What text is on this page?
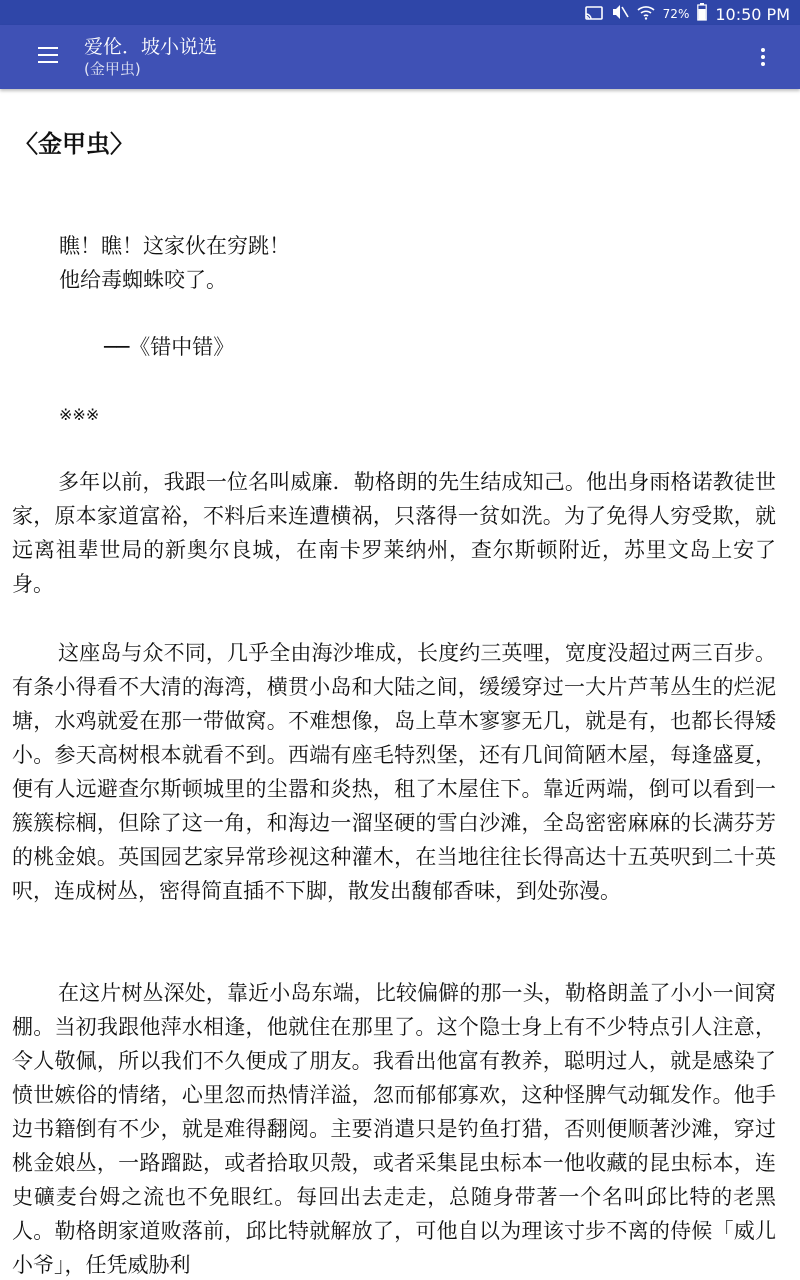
72% 10:50 PM
爱伦．坡小说选
(金甲虫)
〈金甲虫〉

瞧！瞧！这家伙在穷跳！

他给毒蜘蛛咬了。

──《错中错》

※※※

多年以前，我跟一位名叫威廉．勒格朗的先生结成知己。他出身雨格诺教徒世家，原本家道富裕，不料后来连遭横祸，只落得一贫如洗。为了免得人穷受欺，就远离祖辈世局的新奥尔良城，在南卡罗莱纳州，查尔斯顿附近，苏里文岛上安了身。

这座岛与众不同，几乎全由海沙堆成，长度约三英哩，宽度没超过两三百步。有条小得看不大清的海湾，横贯小岛和大陆之间，缓缓穿过一大片芦苇丛生的烂泥塘，水鸡就爱在那一带做窝。不难想像，岛上草木寥寥无几，就是有，也都长得矮小。参天高树根本就看不到。西端有座毛特烈堡，还有几间简陋木屋，每逢盛夏，便有人远避查尔斯顿城里的尘嚣和炎热，租了木屋住下。靠近两端，倒可以看到一簇簇棕榈，但除了这一角，和海边一溜坚硬的雪白沙滩，全岛密密麻麻的长满芬芳的桃金娘。英国园艺家异常珍视这种灌木，在当地往往长得高达十五英呎到二十英呎，连成树丛，密得简直插不下脚，散发出馥郁香味，到处弥漫。

在这片树丛深处，靠近小岛东端，比较偏僻的那一头，勒格朗盖了小小一间窝棚。当初我跟他萍水相逢，他就住在那里了。这个隐士身上有不少特点引人注意，令人敬佩，所以我们不久便成了朋友。我看出他富有教养，聪明过人，就是感染了愤世嫉俗的情绪，心里忽而热情洋溢，忽而郁郁寡欢，这种怪脾气动辄发作。他手边书籍倒有不少，就是难得翻阅。主要消遣只是钓鱼打猎，否则便顺著沙滩，穿过桃金娘丛，一路蹓跶，或者拾取贝殼，或者采集昆虫标本一他收藏的昆虫标本，连史礦麦台姆之流也不免眼红。每回出去走走，总随身带著一个名叫邱比特的老黑人。勒格朗家道败落前，邱比特就解放了，可他自以为理该寸步不离的侍候「威儿小爷」，任凭威胁利
